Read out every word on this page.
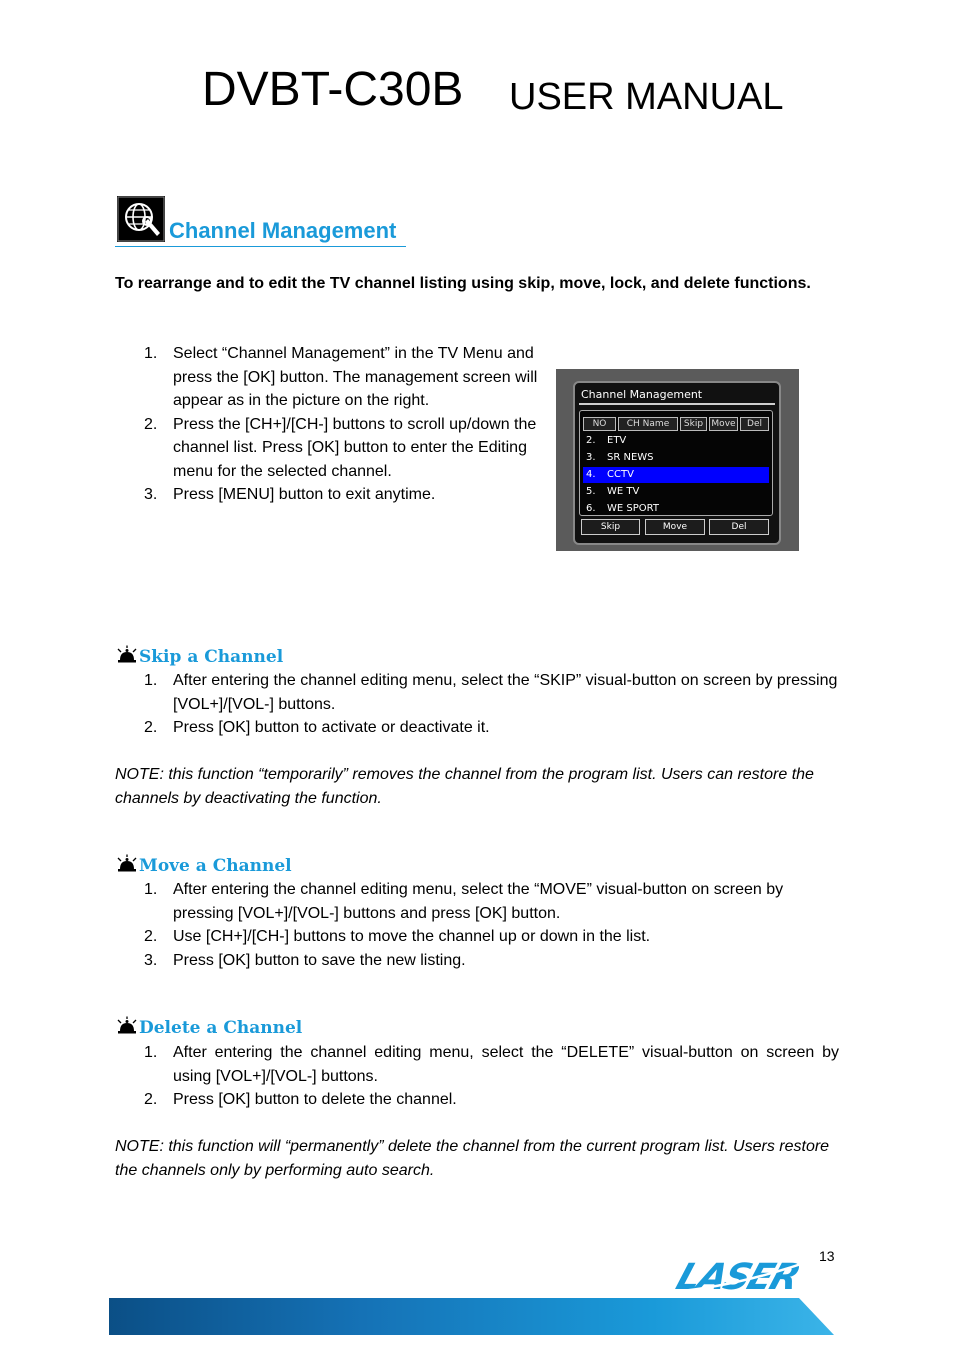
DVBT-C30B USER MANUAL
Channel Management
To rearrange and to edit the TV channel listing using skip, move, lock, and delete functions.
1. Select “Channel Management” in the TV Menu and press the [OK] button. The management screen will appear as in the picture on the right.
2. Press the [CH+]/[CH-] buttons to scroll up/down the channel list. Press [OK] button to enter the Editing menu for the selected channel.
3. Press [MENU] button to exit anytime.
Channel Management
NO	CH Name	Skip Move	Del
2. ETV
3. SR NEWS
4. CCTV
5. WE TV
6. WE SPORT
Skip	Move	Del
Skip a Channel
1. After entering the channel editing menu, select the “SKIP” visual-button on screen by pressing [VOL+]/[VOL-] buttons.
2. Press [OK] button to activate or deactivate it.
NOTE: this function “temporarily” removes the channel from the program list. Users can restore the channels by deactivating the function.
Move a Channel
1. After entering the channel editing menu, select the “MOVE” visual-button on screen by pressing [VOL+]/[VOL-] buttons and press [OK] button.
2. Use [CH+]/[CH-] buttons to move the channel up or down in the list.
3. Press [OK] button to save the new listing.
Delete a Channel
1. After entering the channel editing menu, select the “DELETE” visual-button on screen by using [VOL+]/[VOL-] buttons.
2. Press [OK] button to delete the channel.
NOTE: this function will “permanently” delete the channel from the current program list. Users restore the channels only by performing auto search.
13
LASER
